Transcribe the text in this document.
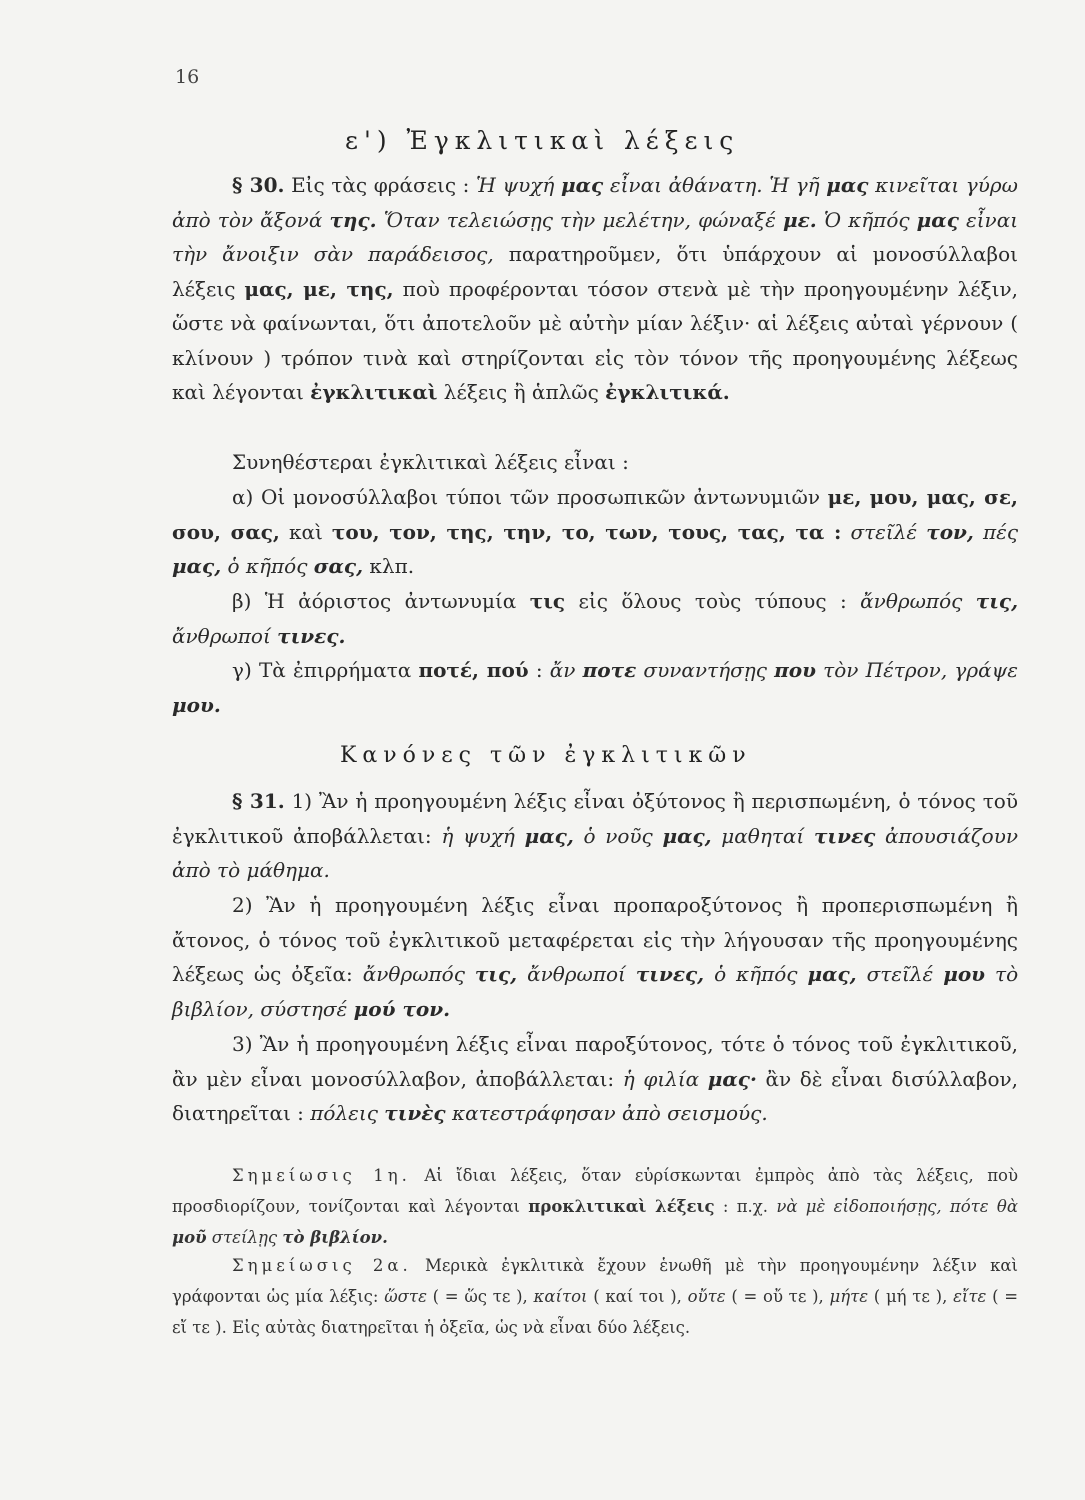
16
ε') Ἐγκλιτικαὶ λέξεις

§ 30. Εἰς τὰς φράσεις : Ἡ ψυχή μας εἶναι ἀθάνατη. Ἡ γῆ μας κινεῖται γύρω ἀπὸ τὸν ἄξονά της. Ὅταν τελειώσῃς τὴν μελέτην, φώναξέ με. Ὁ κῆπός μας εἶναι τὴν ἄνοιξιν σὰν παράδεισος, παρατηροῦμεν, ὅτι ὑπάρχουν αἱ μονοσύλλαβοι λέξεις μας, με, της, ποὺ προφέρονται τόσον στενὰ μὲ τὴν προηγουμένην λέξιν, ὥστε νὰ φαίνωνται, ὅτι ἀποτελοῦν μὲ αὐτὴν μίαν λέξιν· αἱ λέξεις αὐταὶ γέρνουν ( κλίνουν ) τρόπον τινὰ καὶ στηρίζονται εἰς τὸν τόνον τῆς προηγουμένης λέξεως καὶ λέγονται ἐγκλιτικαὶ λέξεις ἢ ἁπλῶς ἐγκλιτικά.

Συνηθέστεραι ἐγκλιτικαὶ λέξεις εἶναι :

α) Οἱ μονοσύλλαβοι τύποι τῶν προσωπικῶν ἀντωνυμιῶν με, μου, μας, σε, σου, σας, καὶ του, τον, της, την, το, των, τους, τας, τα : στεῖλέ τον, πές μας, ὁ κῆπός σας, κλπ.

β) Ἡ ἀόριστος ἀντωνυμία τις εἰς ὅλους τοὺς τύπους : ἄνθρωπός τις, ἄνθρωποί τινες.

γ) Τὰ ἐπιρρήματα ποτέ, πού : ἄν ποτε συναντήσῃς που τὸν Πέτρον, γράψε μου.

Κανόνες τῶν ἐγκλιτικῶν

§ 31. 1) Ἂν ἡ προηγουμένη λέξις εἶναι ὀξύτονος ἢ περισπωμένη, ὁ τόνος τοῦ ἐγκλιτικοῦ ἀποβάλλεται: ἡ ψυχή μας, ὁ νοῦς μας, μαθηταί τινες ἀπουσιάζουν ἀπὸ τὸ μάθημα.

2) Ἂν ἡ προηγουμένη λέξις εἶναι προπαροξύτονος ἢ προπερισπωμένη ἢ ἄτονος, ὁ τόνος τοῦ ἐγκλιτικοῦ μεταφέρεται εἰς τὴν λήγουσαν τῆς προηγουμένης λέξεως ὡς ὀξεῖα: ἄνθρωπός τις, ἄνθρωποί τινες, ὁ κῆπός μας, στεῖλέ μου τὸ βιβλίον, σύστησέ μού τον.

3) Ἂν ἡ προηγουμένη λέξις εἶναι παροξύτονος, τότε ὁ τόνος τοῦ ἐγκλιτικοῦ, ἂν μὲν εἶναι μονοσύλλαβον, ἀποβάλλεται: ἡ φιλία μας· ἂν δὲ εἶναι δισύλλαβον, διατηρεῖται : πόλεις τινὲς κατεστράφησαν ἀπὸ σεισμούς.

Σημείωσις 1η. Αἱ ἴδιαι λέξεις, ὅταν εὑρίσκωνται ἐμπρὸς ἀπὸ τὰς λέξεις, ποὺ προσδιορίζουν, τονίζονται καὶ λέγονται προκλιτικαὶ λέξεις : π.χ. νὰ μὲ εἰδοποιήσῃς, πότε θὰ μοῦ στείλῃς τὸ βιβλίον.

Σημείωσις 2α. Μερικὰ ἐγκλιτικὰ ἔχουν ἑνωθῆ μὲ τὴν προηγουμένην λέξιν καὶ γράφονται ὡς μία λέξις: ὥστε ( = ὥς τε ), καίτοι ( καί τοι ), οὔτε ( = οὔ τε ), μήτε ( μή τε ), εἴτε ( = εἴ τε ). Εἰς αὐτὰς διατηρεῖται ἡ ὀξεῖα, ὡς νὰ εἶναι δύο λέξεις.
